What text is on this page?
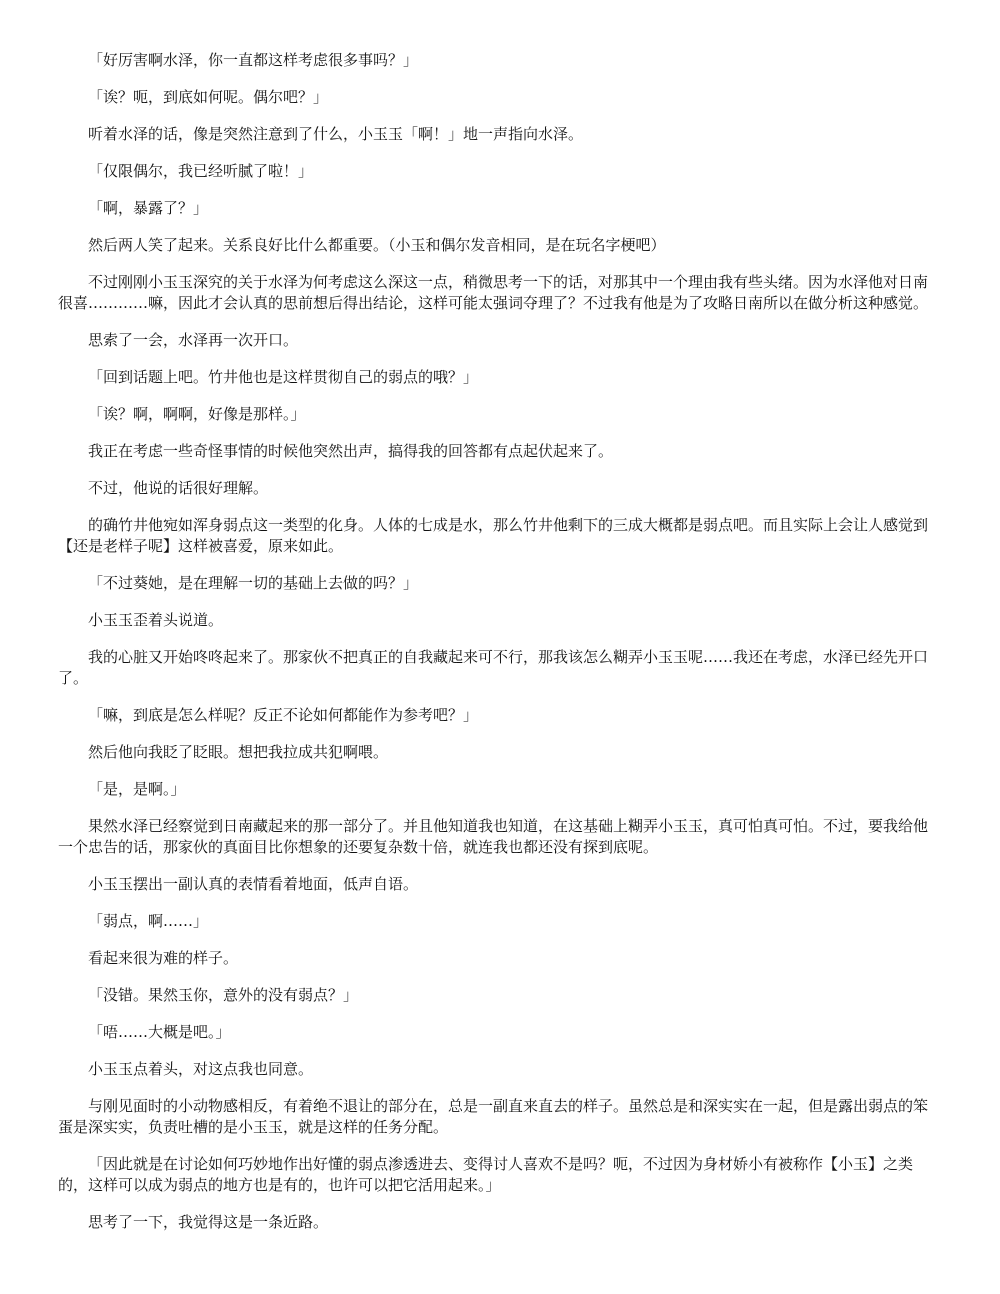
「好厉害啊水泽，你一直都这样考虑很多事吗？」

「诶？呃，到底如何呢。偶尔吧？」

听着水泽的话，像是突然注意到了什么，小玉玉「啊！」地一声指向水泽。

「仅限偶尔，我已经听腻了啦！」

「啊，暴露了？」

然后两人笑了起来。关系良好比什么都重要。（小玉和偶尔发音相同，是在玩名字梗吧）

不过刚刚小玉玉深究的关于水泽为何考虑这么深这一点，稍微思考一下的话，对那其中一个理由我有些头绪。因为水泽他对日南很喜…………嘛，因此才会认真的思前想后得出结论，这样可能太强词夺理了？不过我有他是为了攻略日南所以在做分析这种感觉。

思索了一会，水泽再一次开口。

「回到话题上吧。竹井他也是这样贯彻自己的弱点的哦？」

「诶？啊，啊啊，好像是那样。」

我正在考虑一些奇怪事情的时候他突然出声，搞得我的回答都有点起伏起来了。

不过，他说的话很好理解。

的确竹井他宛如浑身弱点这一类型的化身。人体的七成是水，那么竹井他剩下的三成大概都是弱点吧。而且实际上会让人感觉到【还是老样子呢】这样被喜爱，原来如此。

「不过葵她，是在理解一切的基础上去做的吗？」

小玉玉歪着头说道。

我的心脏又开始咚咚起来了。那家伙不把真正的自我藏起来可不行，那我该怎么糊弄小玉玉呢……我还在考虑，水泽已经先开口了。

「嘛，到底是怎么样呢？反正不论如何都能作为参考吧？」

然后他向我眨了眨眼。想把我拉成共犯啊喂。

「是，是啊。」

果然水泽已经察觉到日南藏起来的那一部分了。并且他知道我也知道，在这基础上糊弄小玉玉，真可怕真可怕。不过，要我给他一个忠告的话，那家伙的真面目比你想象的还要复杂数十倍，就连我也都还没有探到底呢。

小玉玉摆出一副认真的表情看着地面，低声自语。

「弱点，啊……」

看起来很为难的样子。

「没错。果然玉你，意外的没有弱点？」

「唔……大概是吧。」

小玉玉点着头，对这点我也同意。

与刚见面时的小动物感相反，有着绝不退让的部分在，总是一副直来直去的样子。虽然总是和深实实在一起，但是露出弱点的笨蛋是深实实，负责吐槽的是小玉玉，就是这样的任务分配。

「因此就是在讨论如何巧妙地作出好懂的弱点渗透进去、变得讨人喜欢不是吗？呃，不过因为身材娇小有被称作【小玉】之类的，这样可以成为弱点的地方也是有的，也许可以把它活用起来。」

思考了一下，我觉得这是一条近路。
